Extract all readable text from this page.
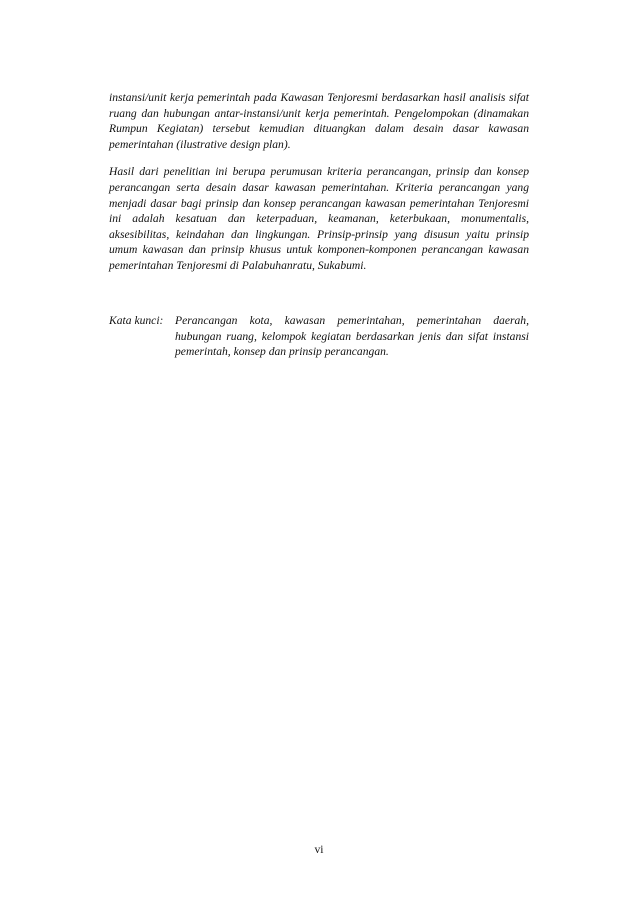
instansi/unit kerja pemerintah pada Kawasan Tenjoresmi berdasarkan hasil analisis sifat ruang dan hubungan antar-instansi/unit kerja pemerintah. Pengelompokan (dinamakan Rumpun Kegiatan) tersebut kemudian dituangkan dalam desain dasar kawasan pemerintahan (ilustrative design plan).

Hasil dari penelitian ini berupa perumusan kriteria perancangan, prinsip dan konsep perancangan serta desain dasar kawasan pemerintahan. Kriteria perancangan yang menjadi dasar bagi prinsip dan konsep perancangan kawasan pemerintahan Tenjoresmi ini adalah kesatuan dan keterpaduan, keamanan, keterbukaan, monumentalis, aksesibilitas, keindahan dan lingkungan. Prinsip-prinsip yang disusun yaitu prinsip umum kawasan dan prinsip khusus untuk komponen-komponen perancangan kawasan pemerintahan Tenjoresmi di Palabuhanratu, Sukabumi.

Kata kunci: Perancangan kota, kawasan pemerintahan, pemerintahan daerah, hubungan ruang, kelompok kegiatan berdasarkan jenis dan sifat instansi pemerintah, konsep dan prinsip perancangan.
vi
